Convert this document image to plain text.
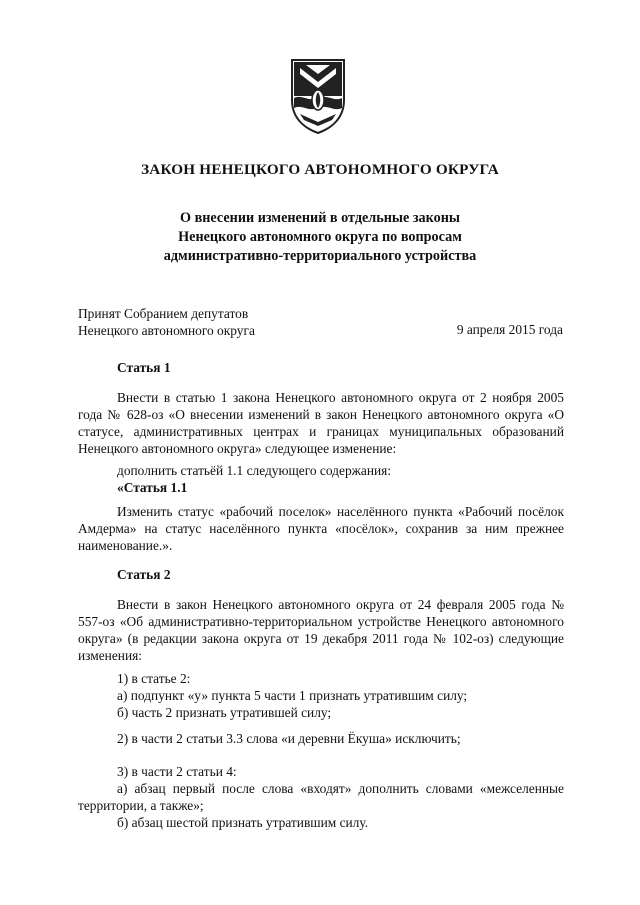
ЗАКОН НЕНЕЦКОГО АВТОНОМНОГО ОКРУГА
О внесении изменений в отдельные законы
Ненецкого автономного округа по вопросам
административно-территориального устройства
Принят Собранием депутатов
Ненецкого автономного округа	9 апреля 2015 года

Статья 1

Внести в статью 1 закона Ненецкого автономного округа от 2 ноября 2005 года № 628-оз «О внесении изменений в закон Ненецкого автономного округа «О статусе, административных центрах и границах муниципальных образований Ненецкого автономного округа» следующее изменение:

дополнить статьёй 1.1 следующего содержания:

«Статья 1.1

Изменить статус «рабочий поселок» населённого пункта «Рабочий посёлок Амдерма» на статус населённого пункта «посёлок», сохранив за ним прежнее наименование.».

Статья 2

Внести в закон Ненецкого автономного округа от 24 февраля 2005 года № 557-оз «Об административно-территориальном устройстве Ненецкого автономного округа» (в редакции закона округа от 19 декабря 2011 года № 102-оз) следующие изменения:

1) в статье 2:

а) подпункт «у» пункта 5 части 1 признать утратившим силу;

б) часть 2 признать утратившей силу;

2) в части 2 статьи 3.3 слова «и деревни Ёкуша» исключить;

3) в части 2 статьи 4:

а) абзац первый после слова «входят» дополнить словами «межселенные территории, а также»;

б) абзац шестой признать утратившим силу.
